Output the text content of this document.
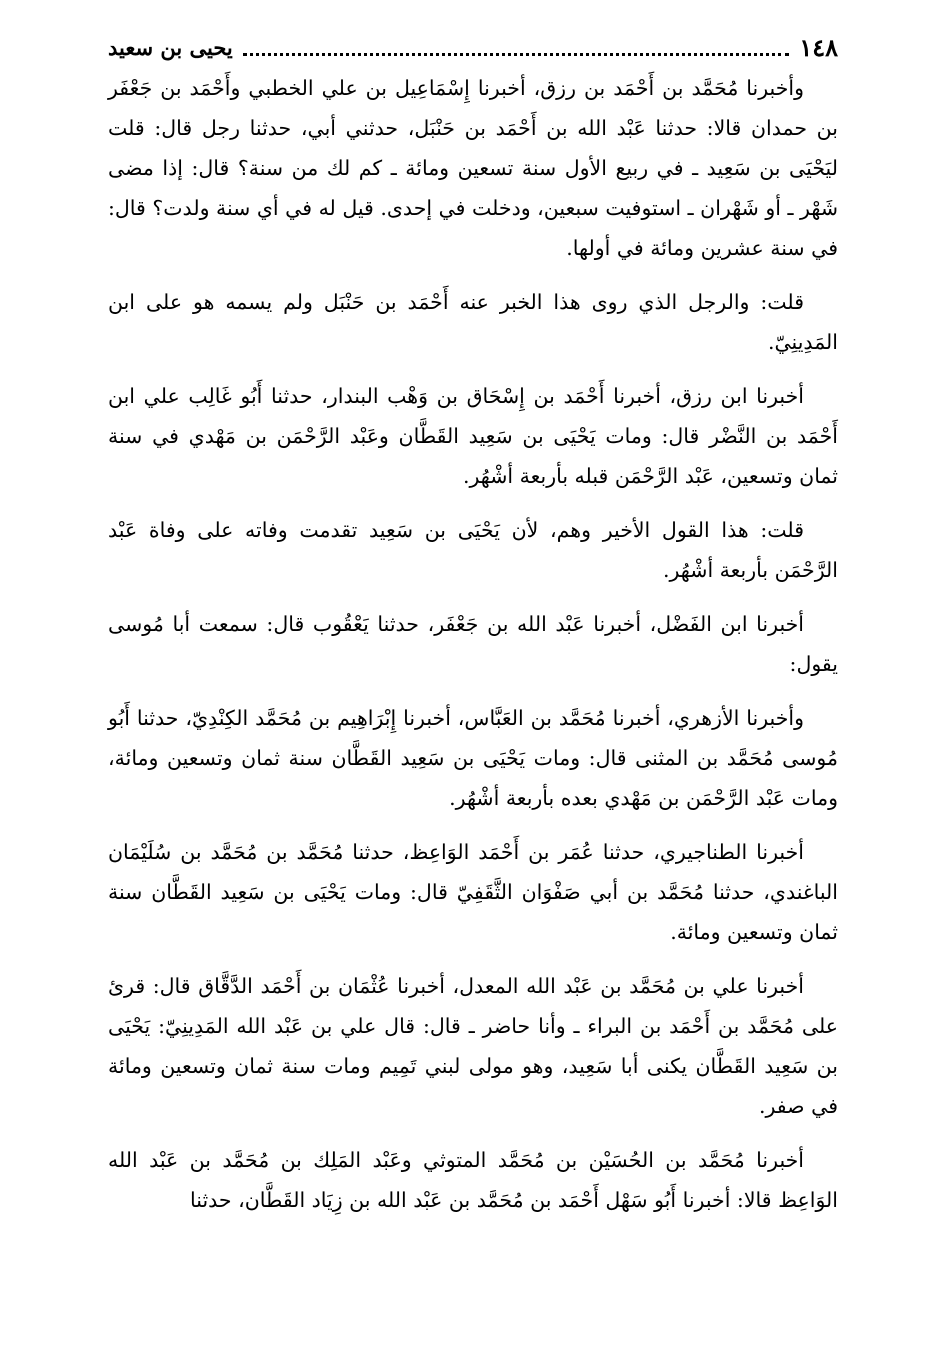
١٤٨
يحيى بن سعيد

وأخبرنا مُحَمَّد بن أَحْمَد بن رزق، أخبرنا إِسْمَاعِيل بن علي الخطبي وأَحْمَد بن جَعْفَر بن حمدان قالا: حدثنا عَبْد الله بن أَحْمَد بن حَنْبَل، حدثني أبي، حدثنا رجل قال: قلت ليَحْيَى بن سَعِيد ـ في ربيع الأول سنة تسعين ومائة ـ كم لك من سنة؟ قال: إذا مضى شَهْر ـ أو شَهْران ـ استوفيت سبعين، ودخلت في إحدى. قيل له في أي سنة ولدت؟ قال: في سنة عشرين ومائة في أولها.

قلت: والرجل الذي روى هذا الخبر عنه أَحْمَد بن حَنْبَل ولم يسمه هو على ابن المَدِينِيّ.

أخبرنا ابن رزق، أخبرنا أَحْمَد بن إِسْحَاق بن وَهْب البندار، حدثنا أَبُو غَالِب علي ابن أَحْمَد بن النَّضْر قال: ومات يَحْيَى بن سَعِيد القَطَّان وعَبْد الرَّحْمَن بن مَهْدي في سنة ثمان وتسعين، عَبْد الرَّحْمَن قبله بأربعة أشْهُر.

قلت: هذا القول الأخير وهم، لأن يَحْيَى بن سَعِيد تقدمت وفاته على وفاة عَبْد الرَّحْمَن بأربعة أشْهُر.

أخبرنا ابن الفَضْل، أخبرنا عَبْد الله بن جَعْفَر، حدثنا يَعْقُوب قال: سمعت أبا مُوسى يقول:

وأخبرنا الأزهري، أخبرنا مُحَمَّد بن العَبَّاس، أخبرنا إِبْرَاهِيم بن مُحَمَّد الكِنْدِيّ، حدثنا أَبُو مُوسى مُحَمَّد بن المثنى قال: ومات يَحْيَى بن سَعِيد القَطَّان سنة ثمان وتسعين ومائة، ومات عَبْد الرَّحْمَن بن مَهْدي بعده بأربعة أشْهُر.

أخبرنا الطناجيري، حدثنا عُمَر بن أَحْمَد الوَاعِظ، حدثنا مُحَمَّد بن مُحَمَّد بن سُلَيْمَان الباغندي، حدثنا مُحَمَّد بن أبي صَفْوَان الثَّقَفِيّ قال: ومات يَحْيَى بن سَعِيد القَطَّان سنة ثمان وتسعين ومائة.

أخبرنا علي بن مُحَمَّد بن عَبْد الله المعدل، أخبرنا عُثْمَان بن أَحْمَد الدَّقَّاق قال: قرئ على مُحَمَّد بن أَحْمَد بن البراء ـ وأنا حاضر ـ قال: قال علي بن عَبْد الله المَدِينِيّ: يَحْيَى بن سَعِيد القَطَّان يكنى أبا سَعِيد، وهو مولى لبني تَمِيم ومات سنة ثمان وتسعين ومائة في صفر.

أخبرنا مُحَمَّد بن الحُسَيْن بن مُحَمَّد المتوثي وعَبْد المَلِك بن مُحَمَّد بن عَبْد الله الوَاعِظ قالا: أخبرنا أَبُو سَهْل أَحْمَد بن مُحَمَّد بن عَبْد الله بن زِيَاد القَطَّان، حدثنا
